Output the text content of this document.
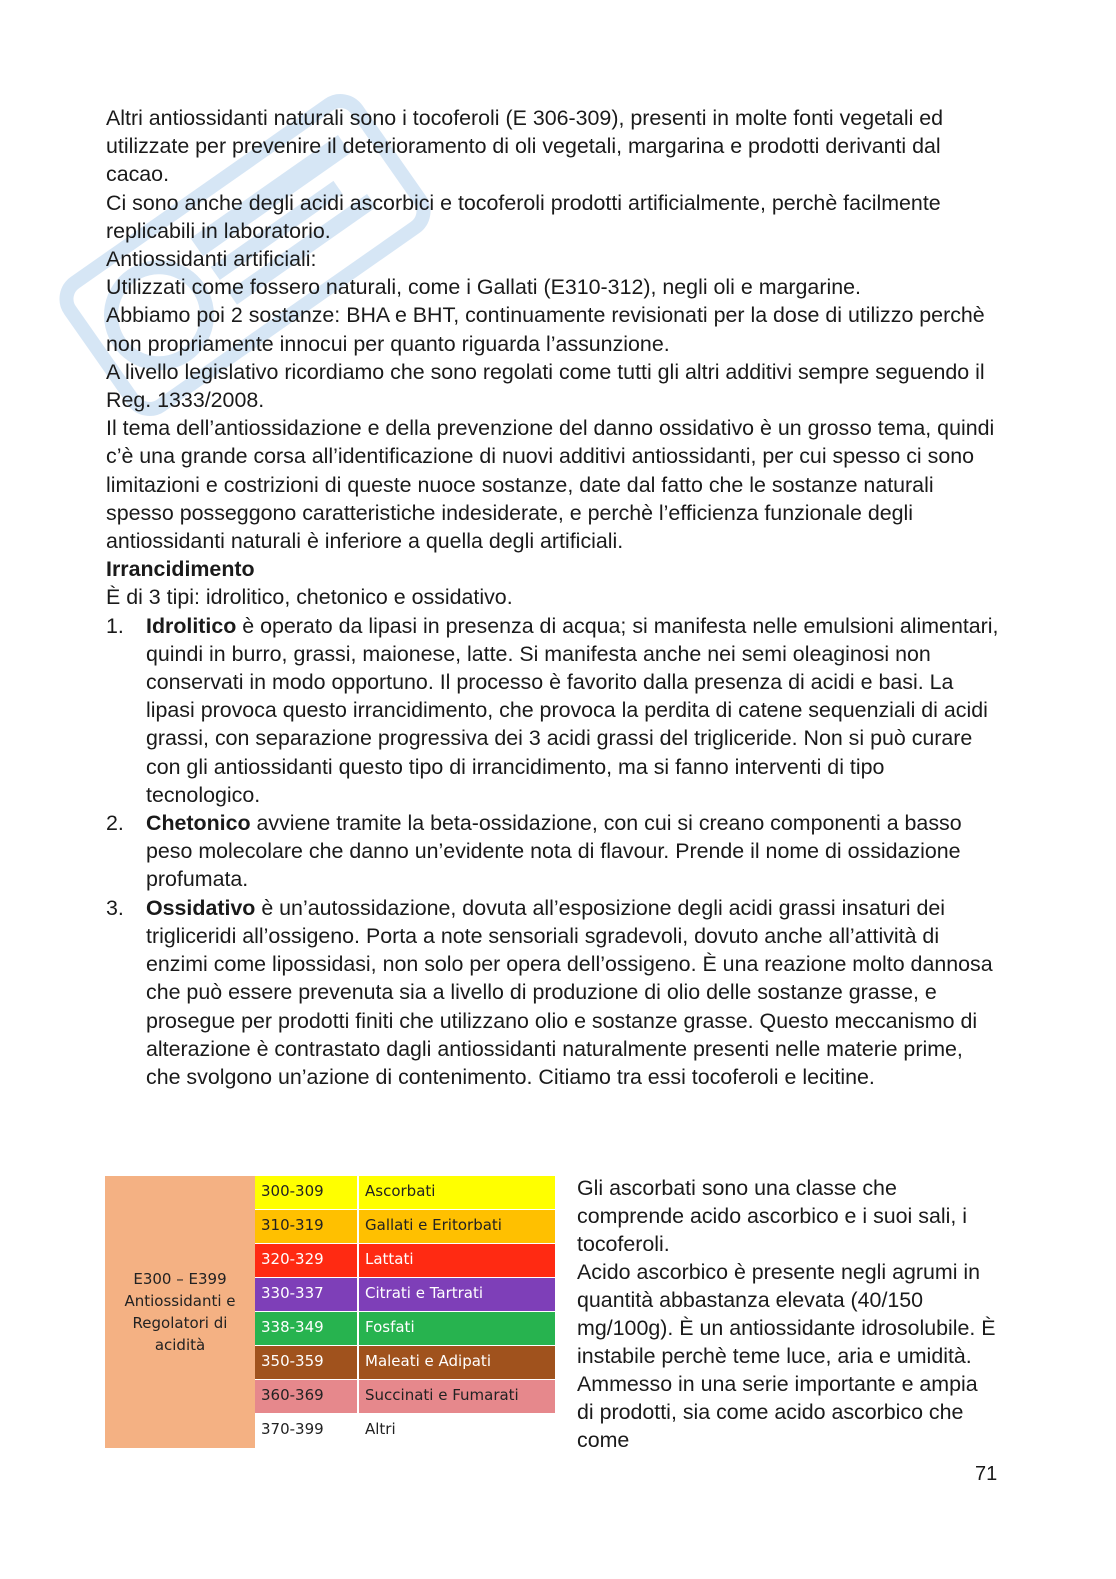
Altri antiossidanti naturali sono i tocoferoli (E 306-309), presenti in molte fonti vegetali ed utilizzate per prevenire il deterioramento di oli vegetali, margarina e prodotti derivanti dal cacao.

Ci sono anche degli acidi ascorbici e tocoferoli prodotti artificialmente, perchè facilmente replicabili in laboratorio.

Antiossidanti artificiali:

Utilizzati come fossero naturali, come i Gallati (E310-312), negli oli e margarine.

Abbiamo poi 2 sostanze: BHA e BHT, continuamente revisionati per la dose di utilizzo perchè non propriamente innocui per quanto riguarda l’assunzione.

A livello legislativo ricordiamo che sono regolati come tutti gli altri additivi sempre seguendo il Reg. 1333/2008.

Il tema dell’antiossidazione e della prevenzione del danno ossidativo è un grosso tema, quindi c’è una grande corsa all’identificazione di nuovi additivi antiossidanti, per cui spesso ci sono limitazioni e costrizioni di queste nuoce sostanze, date dal fatto che le sostanze naturali spesso posseggono caratteristiche indesiderate, e perchè l’efficienza funzionale degli antiossidanti naturali è inferiore a quella degli artificiali.

Irrancidimento

È di 3 tipi: idrolitico, chetonico e ossidativo.

1. Idrolitico è operato da lipasi in presenza di acqua; si manifesta nelle emulsioni alimentari, quindi in burro, grassi, maionese, latte. Si manifesta anche nei semi oleaginosi non conservati in modo opportuno. Il processo è favorito dalla presenza di acidi e basi. La lipasi provoca questo irrancidimento, che provoca la perdita di catene sequenziali di acidi grassi, con separazione progressiva dei 3 acidi grassi del trigliceride. Non si può curare con gli antiossidanti questo tipo di irrancidimento, ma si fanno interventi di tipo tecnologico.
2. Chetonico avviene tramite la beta-ossidazione, con cui si creano componenti a basso peso molecolare che danno un’evidente nota di flavour. Prende il nome di ossidazione profumata.
3. Ossidativo è un’autossidazione, dovuta all’esposizione degli acidi grassi insaturi dei trigliceridi all’ossigeno. Porta a note sensoriali sgradevoli, dovuto anche all’attività di enzimi come lipossidasi, non solo per opera dell’ossigeno. È una reazione molto dannosa che può essere prevenuta sia a livello di produzione di olio delle sostanze grasse, e prosegue per prodotti finiti che utilizzano olio e sostanze grasse. Questo meccanismo di alterazione è contrastato dagli antiossidanti naturalmente presenti nelle materie prime, che svolgono un’azione di contenimento. Citiamo tra essi tocoferoli e lecitine.
E300 – E399
Antiossidanti e
Regolatori di
acidità
300-309	Ascorbati
310-319	Gallati e Eritorbati
320-329	Lattati
330-337	Citrati e Tartrati
338-349	Fosfati
350-359	Maleati e Adipati
360-369	Succinati e Fumarati
370-399	Altri

Gli ascorbati sono una classe che comprende acido ascorbico e i suoi sali, i tocoferoli.

Acido ascorbico è presente negli agrumi in quantità abbastanza elevata (40/150 mg/100g). È un antiossidante idrosolubile. È instabile perchè teme luce, aria e umidità. Ammesso in una serie importante e ampia di prodotti, sia come acido ascorbico che come

71
